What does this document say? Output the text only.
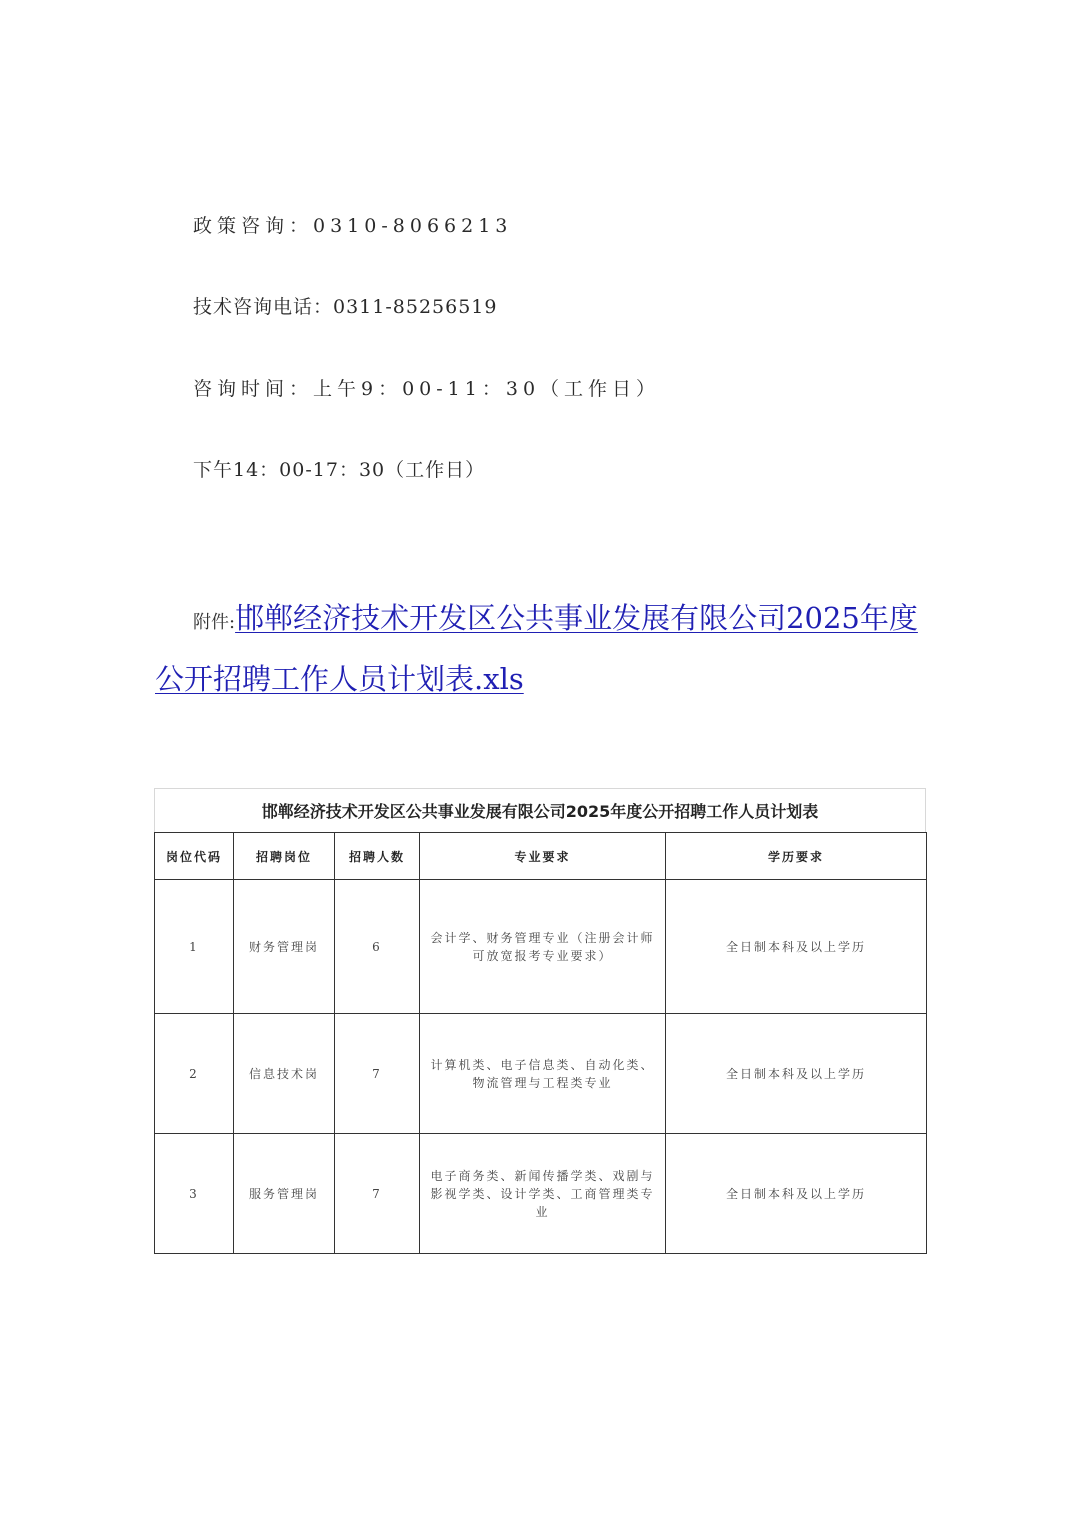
政策咨询：0310-8066213
技术咨询电话：0311-85256519
咨询时间：上午9：00-11：30（工作日）
下午14：00-17：30（工作日）
附件:邯郸经济技术开发区公共事业发展有限公司2025年度公开招聘工作人员计划表.xls
邯郸经济技术开发区公共事业发展有限公司2025年度公开招聘工作人员计划表
岗位代码	招聘岗位	招聘人数	专业要求	学历要求
1	财务管理岗	6	会计学、财务管理专业（注册会计师可放宽报考专业要求）	全日制本科及以上学历
2	信息技术岗	7	计算机类、电子信息类、自动化类、物流管理与工程类专业	全日制本科及以上学历
3	服务管理岗	7	电子商务类、新闻传播学类、戏剧与影视学类、设计学类、工商管理类专业	全日制本科及以上学历
